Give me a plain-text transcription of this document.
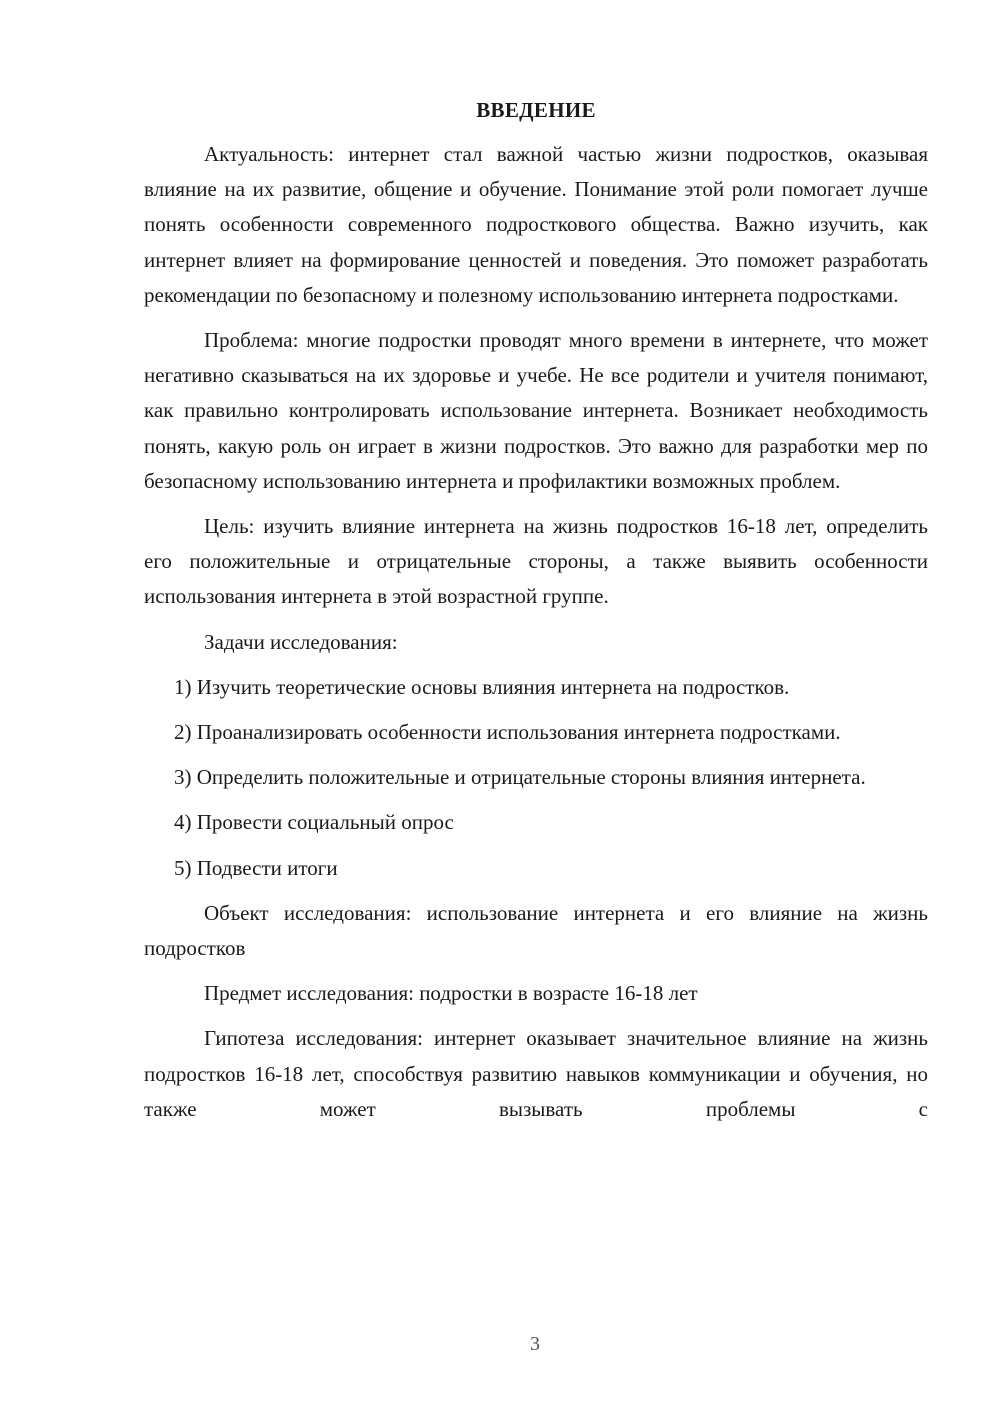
ВВЕДЕНИЕ

Актуальность: интернет стал важной частью жизни подростков, оказывая влияние на их развитие, общение и обучение. Понимание этой роли помогает лучше понять особенности современного подросткового общества. Важно изучить, как интернет влияет на формирование ценностей и поведения. Это поможет разработать рекомендации по безопасному и полезному использованию интернета подростками.

Проблема: многие подростки проводят много времени в интернете, что может негативно сказываться на их здоровье и учебе. Не все родители и учителя понимают, как правильно контролировать использование интернета. Возникает необходимость понять, какую роль он играет в жизни подростков. Это важно для разработки мер по безопасному использованию интернета и профилактики возможных проблем.

Цель: изучить влияние интернета на жизнь подростков 16-18 лет, определить его положительные и отрицательные стороны, а также выявить особенности использования интернета в этой возрастной группе.

Задачи исследования:

1) Изучить теоретические основы влияния интернета на подростков.

2) Проанализировать особенности использования интернета подростками.

3) Определить положительные и отрицательные стороны влияния интернета.

4) Провести социальный опрос

5) Подвести итоги

Объект исследования: использование интернета и его влияние на жизнь подростков

Предмет исследования: подростки в возрасте 16-18 лет

Гипотеза исследования: интернет оказывает значительное влияние на жизнь подростков 16-18 лет, способствуя развитию навыков коммуникации и обучения, но также может вызывать проблемы с

3
